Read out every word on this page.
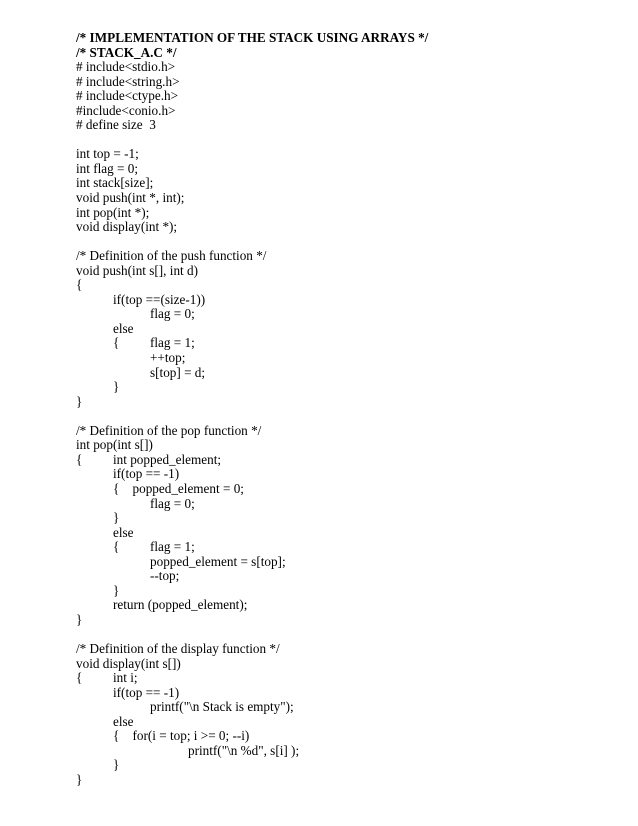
/* IMPLEMENTATION OF THE STACK USING ARRAYS */
/* STACK_A.C */
# include<stdio.h>
# include<string.h>
# include<ctype.h>
#include<conio.h>
# define size  3
int top = -1;
int flag = 0;
int stack[size];
void push(int *, int);
int pop(int *);
void display(int *);
/* Definition of the push function */
void push(int s[], int d)
{
if(top ==(size-1))
flag = 0;
else
{ flag = 1;
++top;
s[top] = d;
}
}
/* Definition of the pop function */
int pop(int s[])
{ int popped_element;
if(top == -1)
{    popped_element = 0;
flag = 0;
}
else
{ flag = 1;
popped_element = s[top];
--top;
}
return (popped_element);
}
/* Definition of the display function */
void display(int s[])
{ int i;
if(top == -1)
printf("\n Stack is empty");
else
{    for(i = top; i >= 0; --i)
printf("\n %d", s[i] );
}
}
